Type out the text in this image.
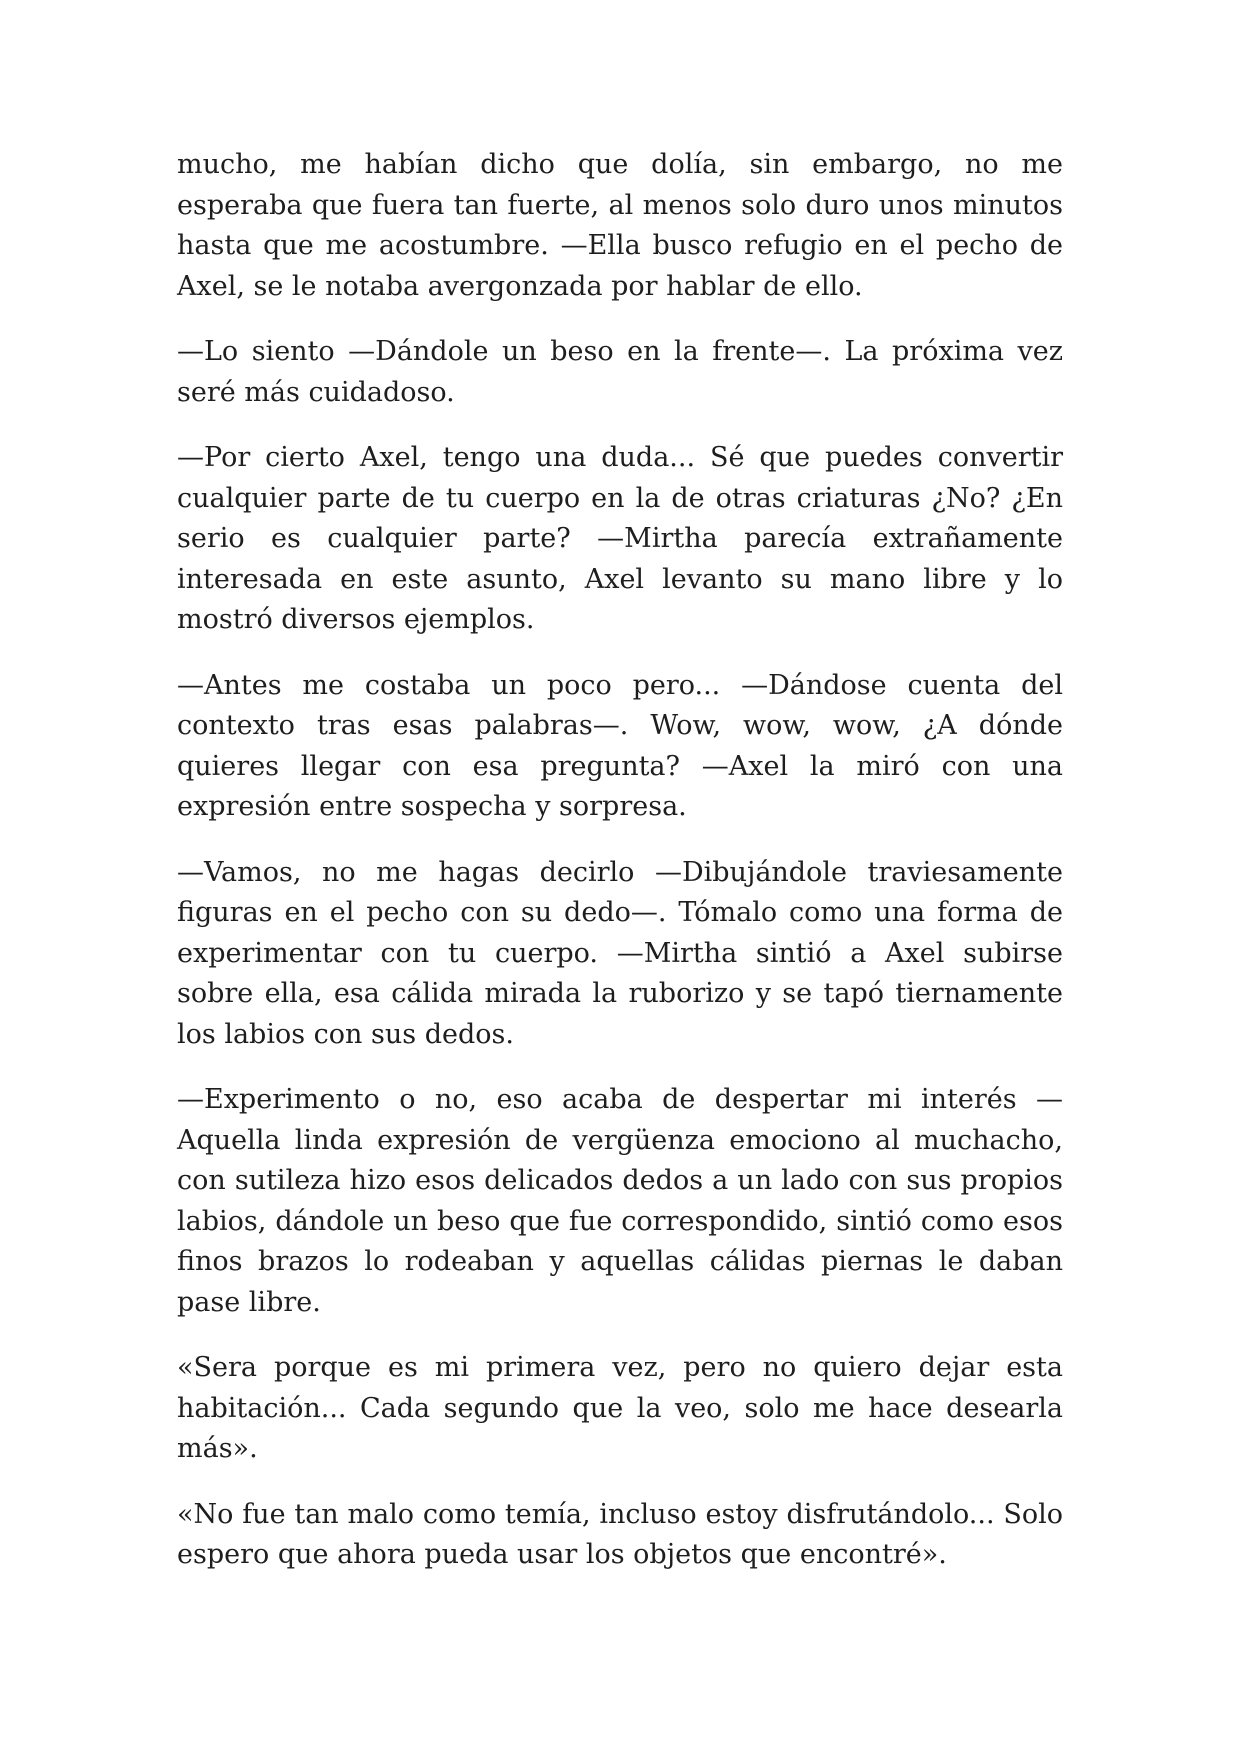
mucho, me habían dicho que dolía, sin embargo, no me esperaba que fuera tan fuerte, al menos solo duro unos minutos hasta que me acostumbre. —Ella busco refugio en el pecho de Axel, se le notaba avergonzada por hablar de ello.

—Lo siento —Dándole un beso en la frente—. La próxima vez seré más cuidadoso.

—Por cierto Axel, tengo una duda... Sé que puedes convertir cualquier parte de tu cuerpo en la de otras criaturas ¿No? ¿En serio es cualquier parte? —Mirtha parecía extrañamente interesada en este asunto, Axel levanto su mano libre y lo mostró diversos ejemplos.

—Antes me costaba un poco pero... —Dándose cuenta del contexto tras esas palabras—. Wow, wow, wow, ¿A dónde quieres llegar con esa pregunta? —Axel la miró con una expresión entre sospecha y sorpresa.

—Vamos, no me hagas decirlo —Dibujándole traviesamente figuras en el pecho con su dedo—. Tómalo como una forma de experimentar con tu cuerpo. —Mirtha sintió a Axel subirse sobre ella, esa cálida mirada la ruborizo y se tapó tiernamente los labios con sus dedos.

—Experimento o no, eso acaba de despertar mi interés —Aquella linda expresión de vergüenza emociono al muchacho, con sutileza hizo esos delicados dedos a un lado con sus propios labios, dándole un beso que fue correspondido, sintió como esos finos brazos lo rodeaban y aquellas cálidas piernas le daban pase libre.

«Sera porque es mi primera vez, pero no quiero dejar esta habitación... Cada segundo que la veo, solo me hace desearla más».

«No fue tan malo como temía, incluso estoy disfrutándolo... Solo espero que ahora pueda usar los objetos que encontré».
